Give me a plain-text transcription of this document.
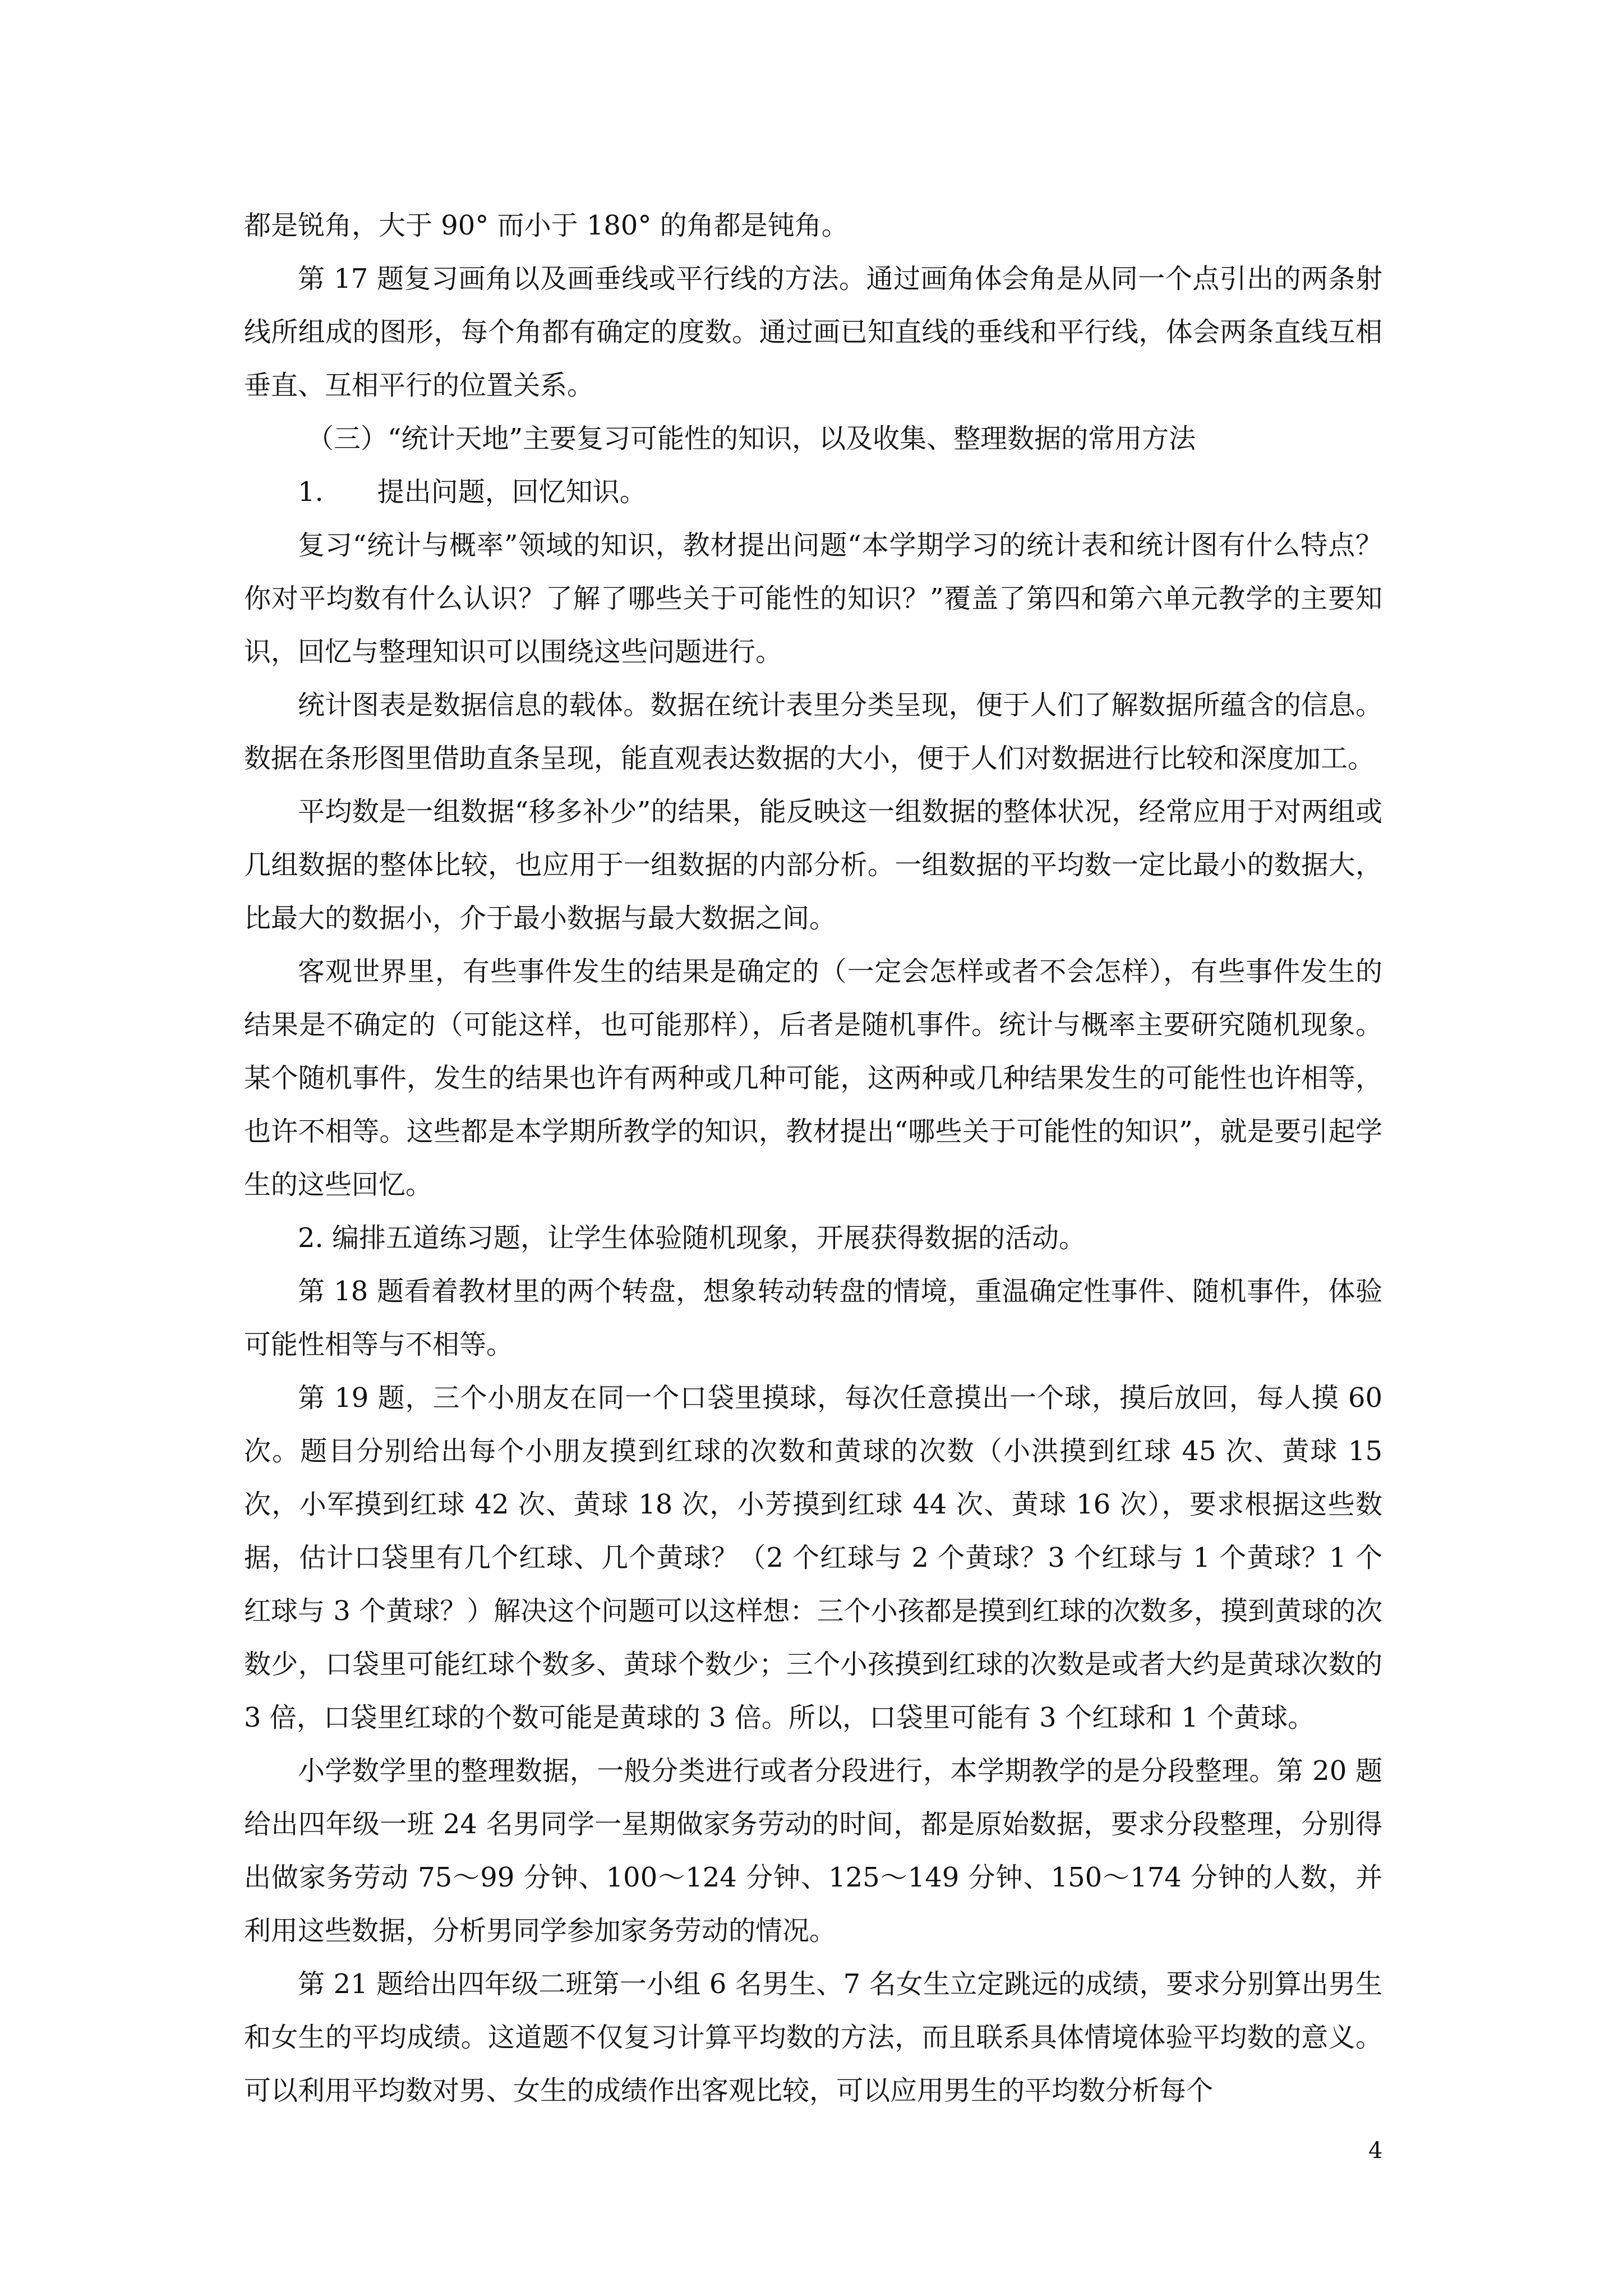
都是锐角，大于 90° 而小于 180° 的角都是钝角。

第 17 题复习画角以及画垂线或平行线的方法。通过画角体会角是从同一个点引出的两条射线所组成的图形，每个角都有确定的度数。通过画已知直线的垂线和平行线，体会两条直线互相垂直、互相平行的位置关系。

（三）“统计天地”主要复习可能性的知识，以及收集、整理数据的常用方法

1.　　提出问题，回忆知识。

复习“统计与概率”领域的知识，教材提出问题“本学期学习的统计表和统计图有什么特点？你对平均数有什么认识？了解了哪些关于可能性的知识？”覆盖了第四和第六单元教学的主要知识，回忆与整理知识可以围绕这些问题进行。

统计图表是数据信息的载体。数据在统计表里分类呈现，便于人们了解数据所蕴含的信息。数据在条形图里借助直条呈现，能直观表达数据的大小，便于人们对数据进行比较和深度加工。

平均数是一组数据“移多补少”的结果，能反映这一组数据的整体状况，经常应用于对两组或几组数据的整体比较，也应用于一组数据的内部分析。一组数据的平均数一定比最小的数据大，比最大的数据小，介于最小数据与最大数据之间。

客观世界里，有些事件发生的结果是确定的（一定会怎样或者不会怎样），有些事件发生的结果是不确定的（可能这样，也可能那样），后者是随机事件。统计与概率主要研究随机现象。某个随机事件，发生的结果也许有两种或几种可能，这两种或几种结果发生的可能性也许相等，也许不相等。这些都是本学期所教学的知识，教材提出“哪些关于可能性的知识”，就是要引起学生的这些回忆。

2. 编排五道练习题，让学生体验随机现象，开展获得数据的活动。

第 18 题看着教材里的两个转盘，想象转动转盘的情境，重温确定性事件、随机事件，体验可能性相等与不相等。

第 19 题，三个小朋友在同一个口袋里摸球，每次任意摸出一个球，摸后放回，每人摸 60 次。题目分别给出每个小朋友摸到红球的次数和黄球的次数（小洪摸到红球 45 次、黄球 15 次，小军摸到红球 42 次、黄球 18 次，小芳摸到红球 44 次、黄球 16 次），要求根据这些数据，估计口袋里有几个红球、几个黄球？（2 个红球与 2 个黄球？3 个红球与 1 个黄球？1 个红球与 3 个黄球？）解决这个问题可以这样想：三个小孩都是摸到红球的次数多，摸到黄球的次数少，口袋里可能红球个数多、黄球个数少；三个小孩摸到红球的次数是或者大约是黄球次数的 3 倍，口袋里红球的个数可能是黄球的 3 倍。所以，口袋里可能有 3 个红球和 1 个黄球。

小学数学里的整理数据，一般分类进行或者分段进行，本学期教学的是分段整理。第 20 题给出四年级一班 24 名男同学一星期做家务劳动的时间，都是原始数据，要求分段整理，分别得出做家务劳动 75～99 分钟、100～124 分钟、125～149 分钟、150～174 分钟的人数，并利用这些数据，分析男同学参加家务劳动的情况。

第 21 题给出四年级二班第一小组 6 名男生、7 名女生立定跳远的成绩，要求分别算出男生和女生的平均成绩。这道题不仅复习计算平均数的方法，而且联系具体情境体验平均数的意义。可以利用平均数对男、女生的成绩作出客观比较，可以应用男生的平均数分析每个

4
